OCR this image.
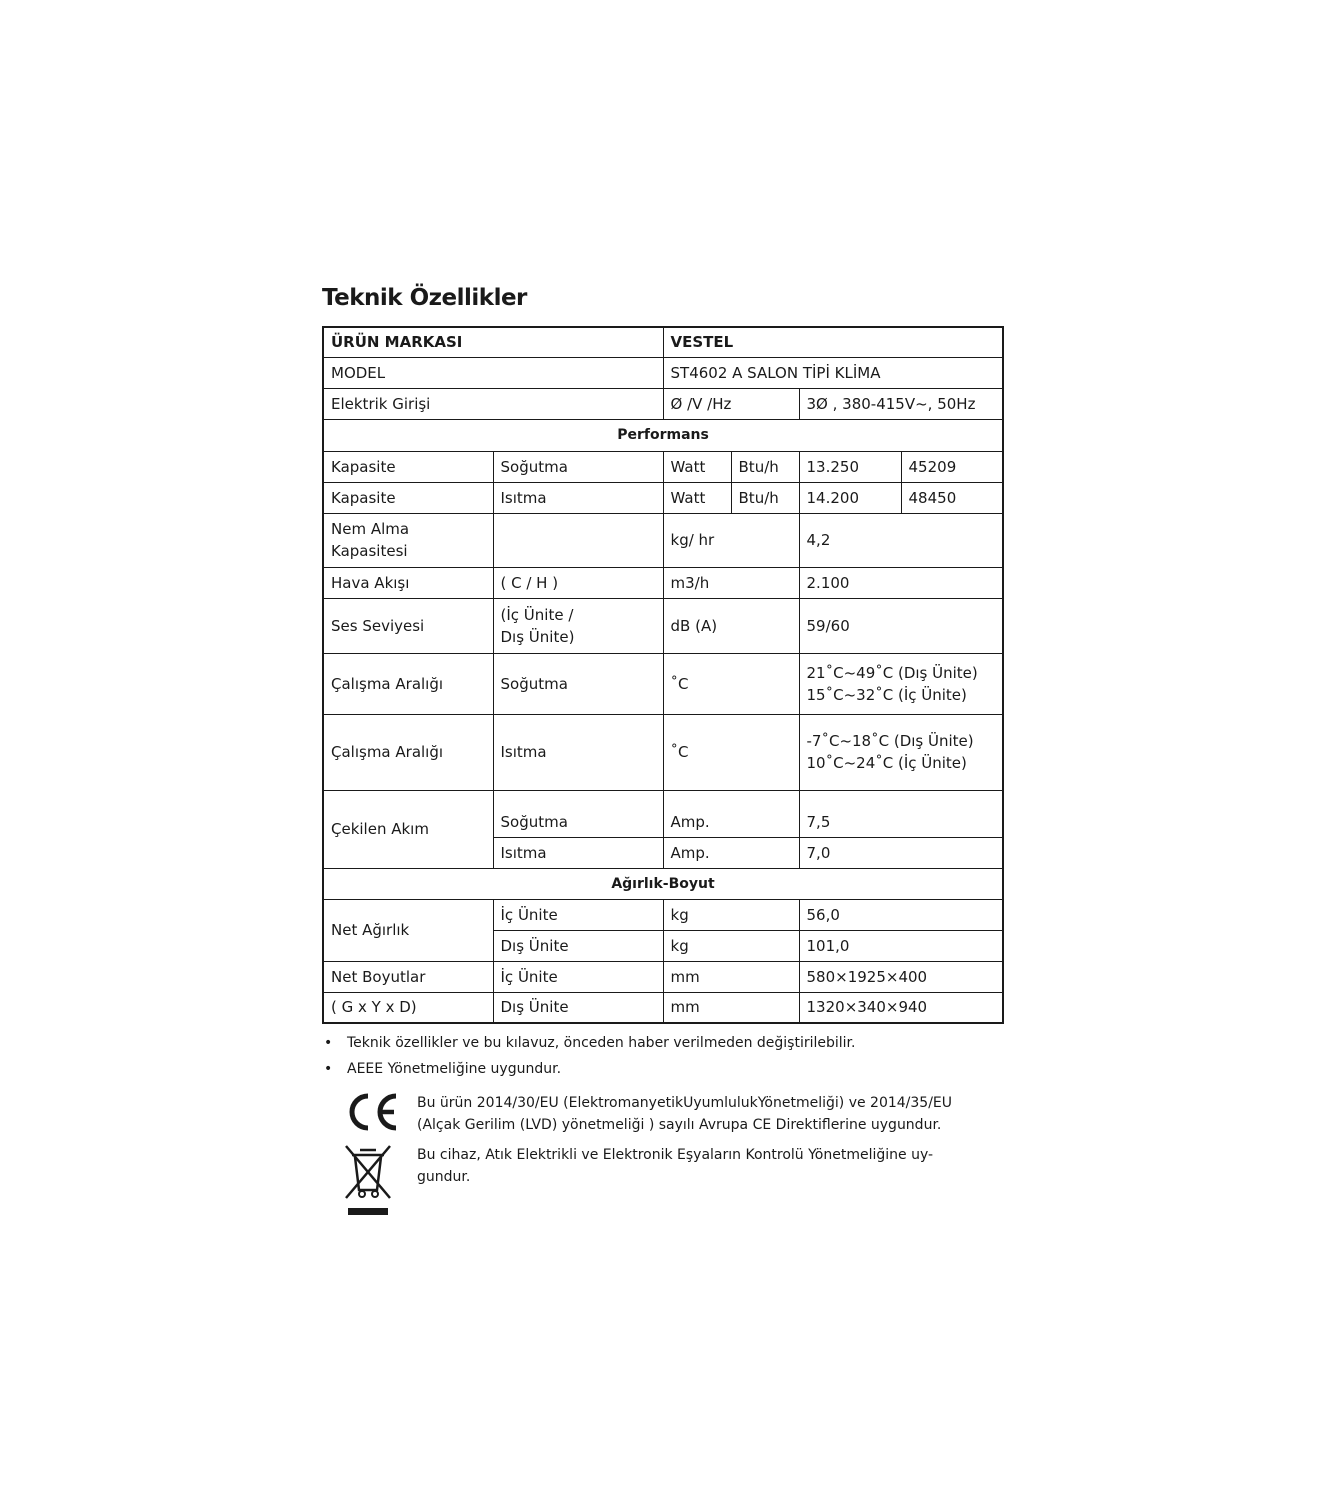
Teknik Özellikler
ÜRÜN MARKASI		VESTEL			
MODEL		ST4602 A SALON TİPİ KLİMA			
Elektrik Girişi		Ø /V /Hz		3Ø , 380-415V~, 50Hz	
Performans					
Kapasite	Soğutma	Watt	Btu/h	13.250	45209
Kapasite	Isıtma	Watt	Btu/h	14.200	48450

Nem Alma
Kapasitesi		kg/ hr		4,2	
Hava Akışı	( C / H )	m3/h		2.100	
Ses Seviyesi	(İç Ünite /
Dış Ünite)	dB (A)		59/60	
Çalışma Aralığı	Soğutma	˚C		21˚C~49˚C (Dış Ünite)
15˚C~32˚C (İç Ünite)	

Çalışma Aralığı	Isıtma	˚C		-7˚C~18˚C (Dış Ünite)
10˚C~24˚C (İç Ünite)	

Çekilen Akım	Soğutma	Amp.		7,5	
	Isıtma	Amp.		7,0	
Ağırlık-Boyut					
Net Ağırlık	İç Ünite	kg		56,0	
	Dış Ünite	kg		101,0	
Net Boyutlar	İç Ünite	mm		580×1925×400	
( G x Y x D)	Dış Ünite	mm		1320×340×940	
• Teknik özellikler ve bu kılavuz, önceden haber verilmeden değiştirilebilir.
• AEEE Yönetmeliğine uygundur.
Bu ürün 2014/30/EU (ElektromanyetikUyumlulukYönetmeliği) ve 2014/35/EU
(Alçak Gerilim (LVD) yönetmeliği ) sayılı Avrupa CE Direktiflerine uygundur.
Bu cihaz, Atık Elektrikli ve Elektronik Eşyaların Kontrolü Yönetmeliğine uy-
gundur.
